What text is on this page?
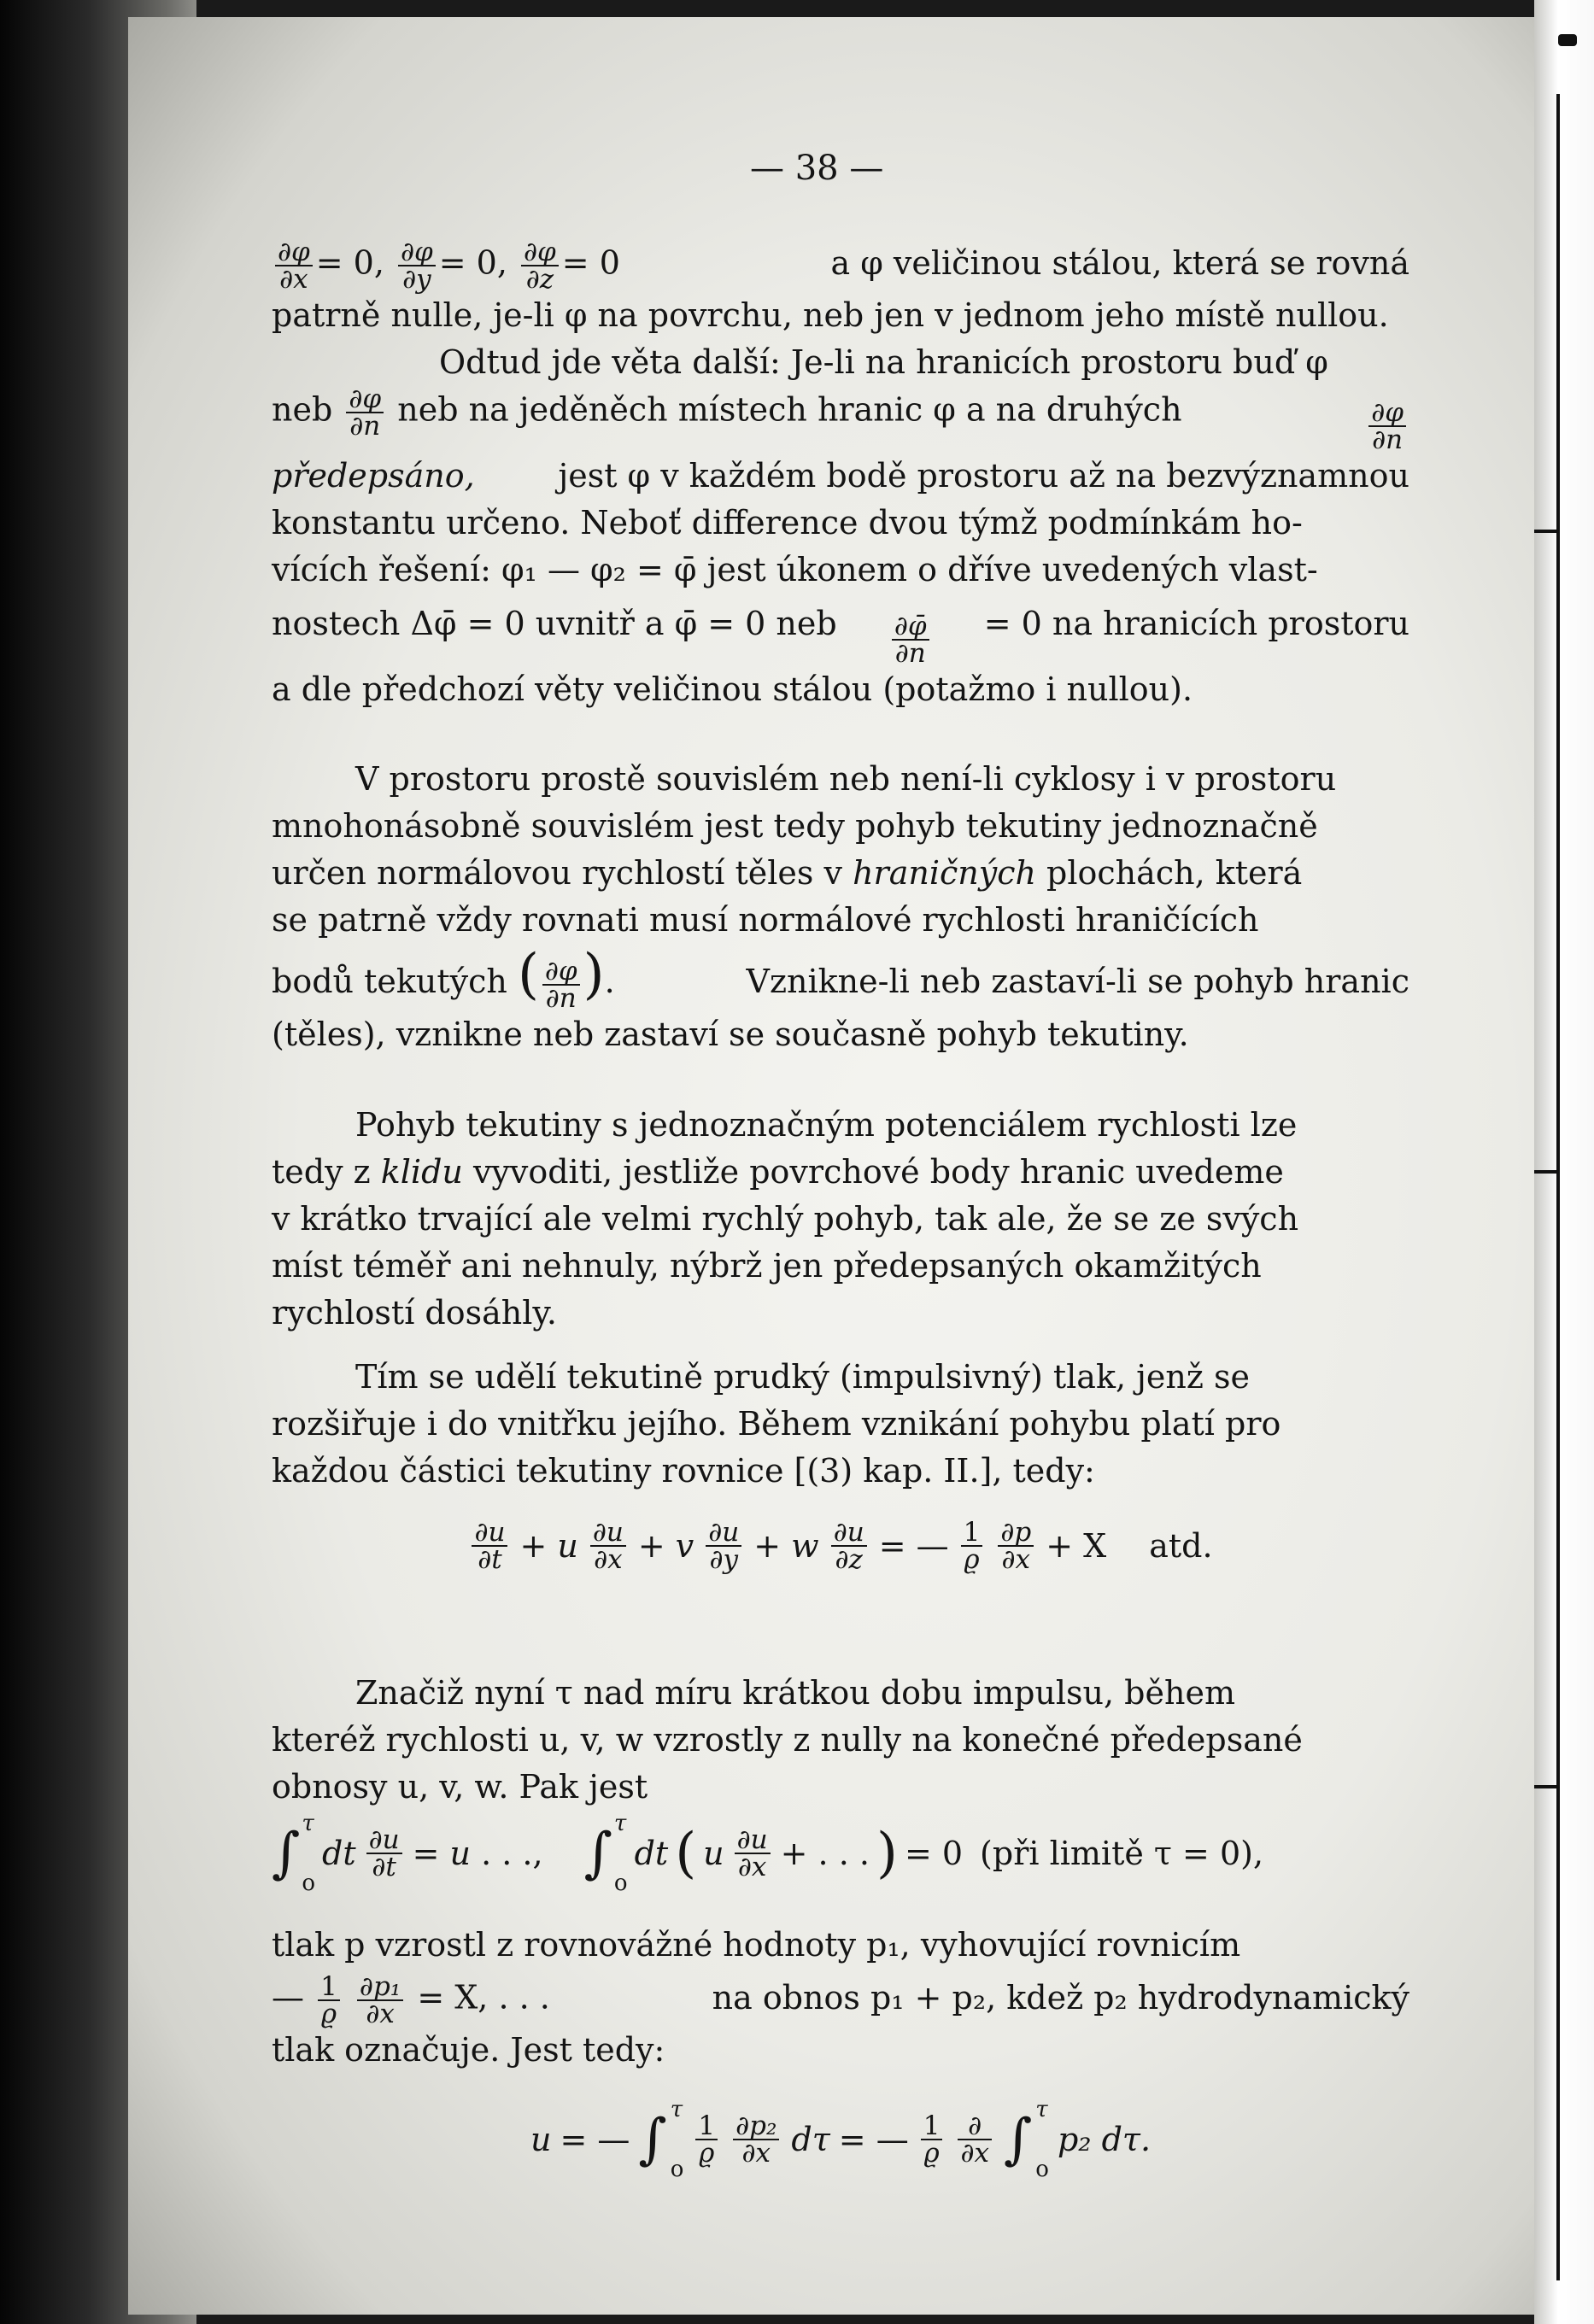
— 38 —
$\frac{\partial\varphi}{\partial x} = 0$, $\frac{\partial\varphi}{\partial y} = 0$, $\frac{\partial\varphi}{\partial z} = 0$	a φ veličinou stálou, která se rovná
patrně nulle, je-li φ na povrchu, neb jen v jednom jeho místě nullou.
Odtud jde věta další: Je-li na hranicích prostoru buď φ
neb $\frac{\partial\varphi}{\partial n}$ neb na jeděněch místech hranic φ a na druhých	$\frac{\partial\varphi}{\partial n}$
předepsáno,	jest φ v každém bodě prostoru až na bezvýznamnou
konstantu určeno. Neboť difference dvou týmž podmínkám ho-
vících řešení: φ₁ — φ₂ = φ̄ jest úkonem o dříve uvedených vlast-
nostech Δφ̄ = 0 uvnitř a φ̄ = 0 neb $\frac{\partial\varphī}{\partial n} = 0$ na hranicích prostoru
a dle předchozí věty veličinou stálou (potažmo i nullou).
V prostoru prostě souvislém neb není-li cyklosy i v prostoru
mnohonásobně souvislém jest tedy pohyb tekutiny jednoznačně
určen normálovou rychlostí těles v hraničných plochách, která
se patrně vždy rovnati musí normálové rychlosti hraničících
bodů tekutých ( $\frac{\partial\varphi}{\partial n}$ ).	Vznikne-li neb zastaví-li se pohyb hranic
(těles), vznikne neb zastaví se současně pohyb tekutiny.
Pohyb tekutiny s jednoznačným potenciálem rychlosti lze
tedy z klidu vyvoditi, jestliže povrchové body hranic uvedeme
v krátko trvající ale velmi rychlý pohyb, tak ale, že se ze svých
míst téměř ani nehnuly, nýbrž jen předepsaných okamžitých
rychlostí dosáhly.
Tím se udělí tekutině prudký (impulsivný) tlak, jenž se
rozšiřuje i do vnitřku jejího. Během vznikání pohybu platí pro
každou částici tekutiny rovnice [(3) kap. II.], tedy:
$\frac{\partial u}{\partial t} + u \frac{\partial u}{\partial x} + v \frac{\partial u}{\partial y} + w \frac{\partial u}{\partial z}$ = — $\frac{1}{ϱ} \frac{\partial p}{\partial x} + X$ atd.
Značiž nyní τ nad míru krátkou dobu impulsu, během
kteréž rychlosti u, v, w vzrostly z nully na konečné předepsané
obnosy u, v, w. Pak jest
∫ τ
o
dt $\frac{\partial u}{\partial t} = u$ . . ., ∫ τ
o
dt ( u $\frac{\partial u}{\partial x}$ + . . . ) = 0 (při limitě τ = 0),
tlak p vzrostl z rovnovážné hodnoty p₁, vyhovující rovnicím
— $\frac{1}{ϱ}$
$\frac{\text{∂p₁}}{\partial x} = X$, . . .	na obnos p₁ + p₂, kdež p₂ hydrodynamický
tlak označuje. Jest tedy:
u = — ∫ τ
o
$\frac{1}{ϱ} \frac{\text{∂p₂}}{\partial x}$ dτ = — $\frac{1}{ϱ} \frac{\partial}{\partial x}$ ∫ τ
o
p₂ dτ.
